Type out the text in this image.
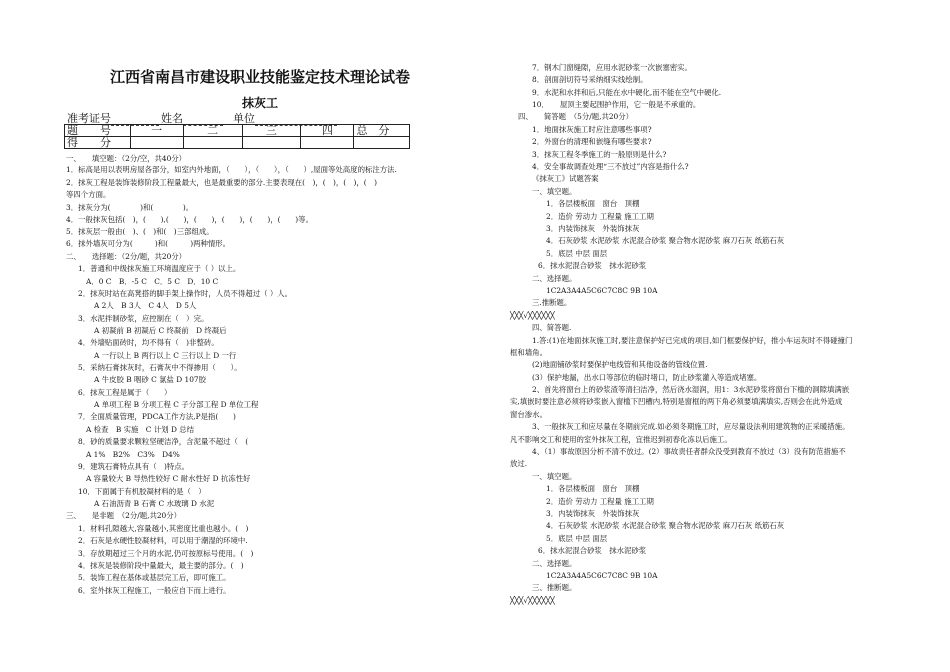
江西省南昌市建设职业技能鉴定技术理论试卷
抹灰工
准考证号	姓名	单位
题　　号	一	二	三	四	总　分
得　　分					
一、　　填空题：（2分/空，共40分）
1．标高是用以表明房屋各部分，如室内外地面，（　　），（　　），（　　）,屋面等处高度的标注方法.
2．抹灰工程是装饰装修阶段工程量最大，也是最重要的部分.主要表现在(　)，(　)，(　)，(　)
等四个方面。
3．抹灰分为(　　　　)和(　　　　)。
4．一般抹灰包括(　)，(　　),(　　)，(　　)，(　　)，(　　)，(　　)等。
5．抹灰层一般由(　)、(　)和(　)三部组成。
6．抹外墙灰可分为(　　　)和(　　　)两种情形。
二、　　选择题：（2分/题，共20分）
1．普通和中级抹灰施工环境温度应于（ ）以上。
A．0 C　B．-5 C　C．5 C　D．10 C
2．抹灰时站在高凳搭的脚手架上操作时，人员不得超过（ ）人。
A 2人　B 3人　C 4人　D 5人
3．水泥拌制砂浆，应控制在（　）完。
A 初凝前 B 初凝后 C 终凝前　D 终凝后
4．外墙贴面砖时，均不得有（　)非整砖。
A 一行以上 B 两行以上 C 三行以上 D 一行
5．采纳石膏抹灰时，石膏灰中不得掺用（　　）。
A 牛皮胶 B 咽砂 C 氯盐 D 107胶
6．抹灰工程是属于（　　）
A 单项工程 B 分项工程 C 子分部工程 D 单位工程
7．全面质量管理，PDCA工作方法,P是指(　　)
A 检查　B 实施　C 计划 D 总结
8．砂的质量要求颗粒坚硬洁净，含泥量不超过（　(
A 1%　B2%　C3%　D4%
9．建筑石膏特点具有（　)特点。
A 容量较大 B 导热性较好 C 耐水性好 D 抗冻性好
10．下面属于有机胶凝材料的是（　）
A 石油沥青 B 石膏 C 水玻璃 D 水泥
三、　　是非题　（2分/题,共20分）
1．材料孔隙越大,容量越小,其密度比重也越小。(　)
2．石灰是水硬性胶凝材料，可以用于潮湿的环境中.
3．存放期超过三个月的水泥,仍可按原标号使用。(　)
4．抹灰是装修阶段中量最大，最主要的部分。(　)
5．装饰工程在基体或基层完工后，即可施工。
6．室外抹灰工程施工，一般应自下而上进行。
7．钢木门窗缝隙，应用水泥砂浆一次嵌塞密实。
8．剖面剖切符号采纳细实线绘制。
9．水泥和水拌和后,只能在水中硬化,而不能在空气中硬化.
10．　　屋顶主要起围护作用，它一般是不承重的。
四、　　简答题　（5分/题,共20分）
1．地面抹灰施工时应注意哪些事项?
2．外窗台的清理和嵌缝有哪些要求?
3．抹灰工程冬季施工的一般原则是什么?
4．安全事故调查处理“三不放过”内容是指什么?
《抹灰工》试题答案
一、填空题。
1．各层楼板面　窗台　顶棚
2．造价 劳动力 工程量 施工工期
3．内装饰抹灰　外装饰抹灰
4．石灰砂浆 水泥砂浆 水泥混合砂浆 聚合物水泥砂浆 麻刀石灰 纸筋石灰
5．底层 中层 面层
6．抹水泥混合砂浆　抹水泥砂浆
二、选择题。
1C2A3A4A5C6C7C8C 9B 10A
三.推断题。
╳╳╳√╳╳╳╳╳╳
四、简答题.
1.答:(1)在地面抹灰施工时,要注意保护好已完成的项目,如门框要保护好，推小车运灰时不得碰撞门
框和墙角。
(2)地面铺砂浆时要保护电线管和其他设备的管线位置.
(3）保护地漏，出水口等部位的临时堵口，防止砂浆灌入等造成堵塞。
2、首先将窗台上的砂浆渣等清扫洁净，然后浇水湿润，用1：3水泥砂浆将窗台下槛的洞隙填满嵌
实,填嵌时要注意必须将砂浆嵌入窗槛下凹槽内,特别是窗框的两下角必须要填满填实,否则会在此外造成
窗台渗水。
3、一般抹灰工和应尽量在冬期前完成.如必须冬期施工时，应尽量设法利用建筑物的正采暖措施。
凡不影响交工和使用的室外抹灰工程，宜推迟到初春化冻以后施工。
4、（1）事故原因分析不清不放过。(2）事故责任者群众没受到教育不放过（3）没有防范措施不
放过.
一、填空题。
1．各层楼板面　窗台　顶棚
2．造价 劳动力 工程量 施工工期
3．内装饰抹灰　外装饰抹灰
4．石灰砂浆 水泥砂浆 水泥混合砂浆 聚合物水泥砂浆 麻刀石灰 纸筋石灰
5．底层 中层 面层
6．抹水泥混合砂浆　抹水泥砂浆
二、选择题。
1C2A3A4A5C6C7C8C 9B 10A
三、推断题。
╳╳╳√╳╳╳╳╳╳
